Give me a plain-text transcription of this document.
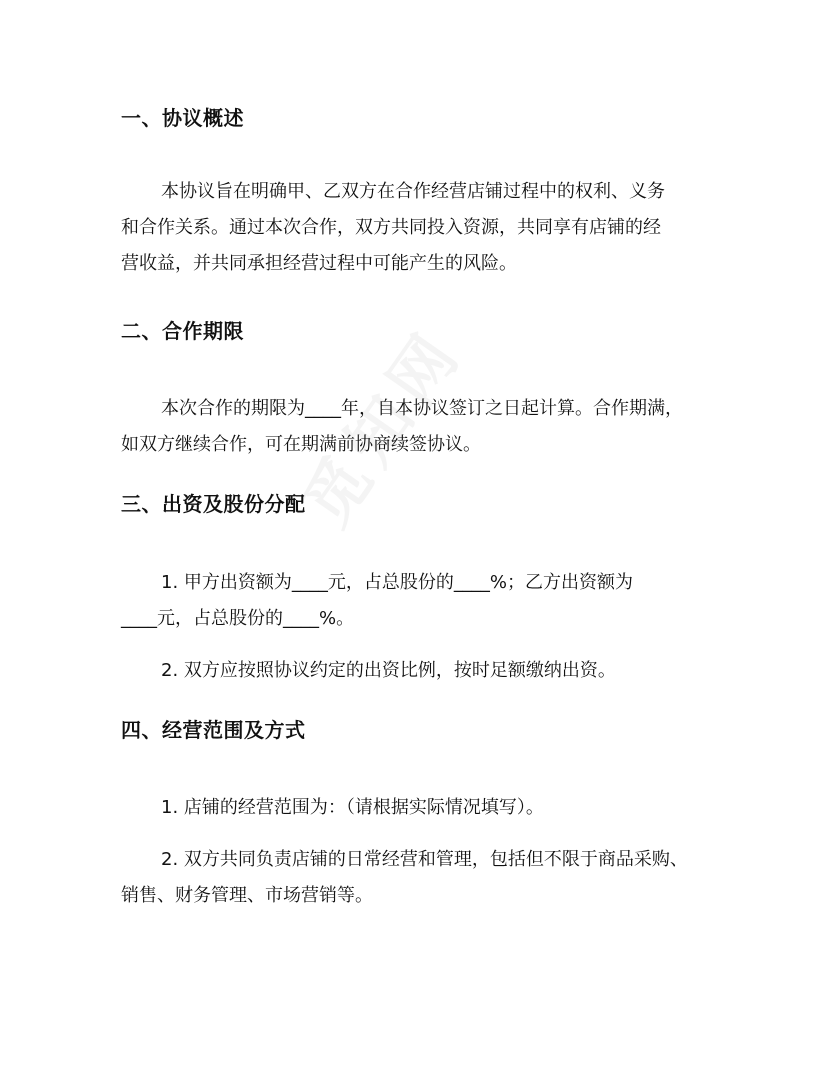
一、协议概述
本协议旨在明确甲、乙双方在合作经营店铺过程中的权利、义务
和合作关系。通过本次合作，双方共同投入资源，共同享有店铺的经
营收益，并共同承担经营过程中可能产生的风险。
二、合作期限
本次合作的期限为____年，自本协议签订之日起计算。合作期满，
如双方继续合作，可在期满前协商续签协议。
三、出资及股份分配
1. 甲方出资额为____元，占总股份的____%；乙方出资额为
____元，占总股份的____%。
2. 双方应按照协议约定的出资比例，按时足额缴纳出资。
四、经营范围及方式
1. 店铺的经营范围为：（请根据实际情况填写）。
2. 双方共同负责店铺的日常经营和管理，包括但不限于商品采购、
销售、财务管理、市场营销等。
